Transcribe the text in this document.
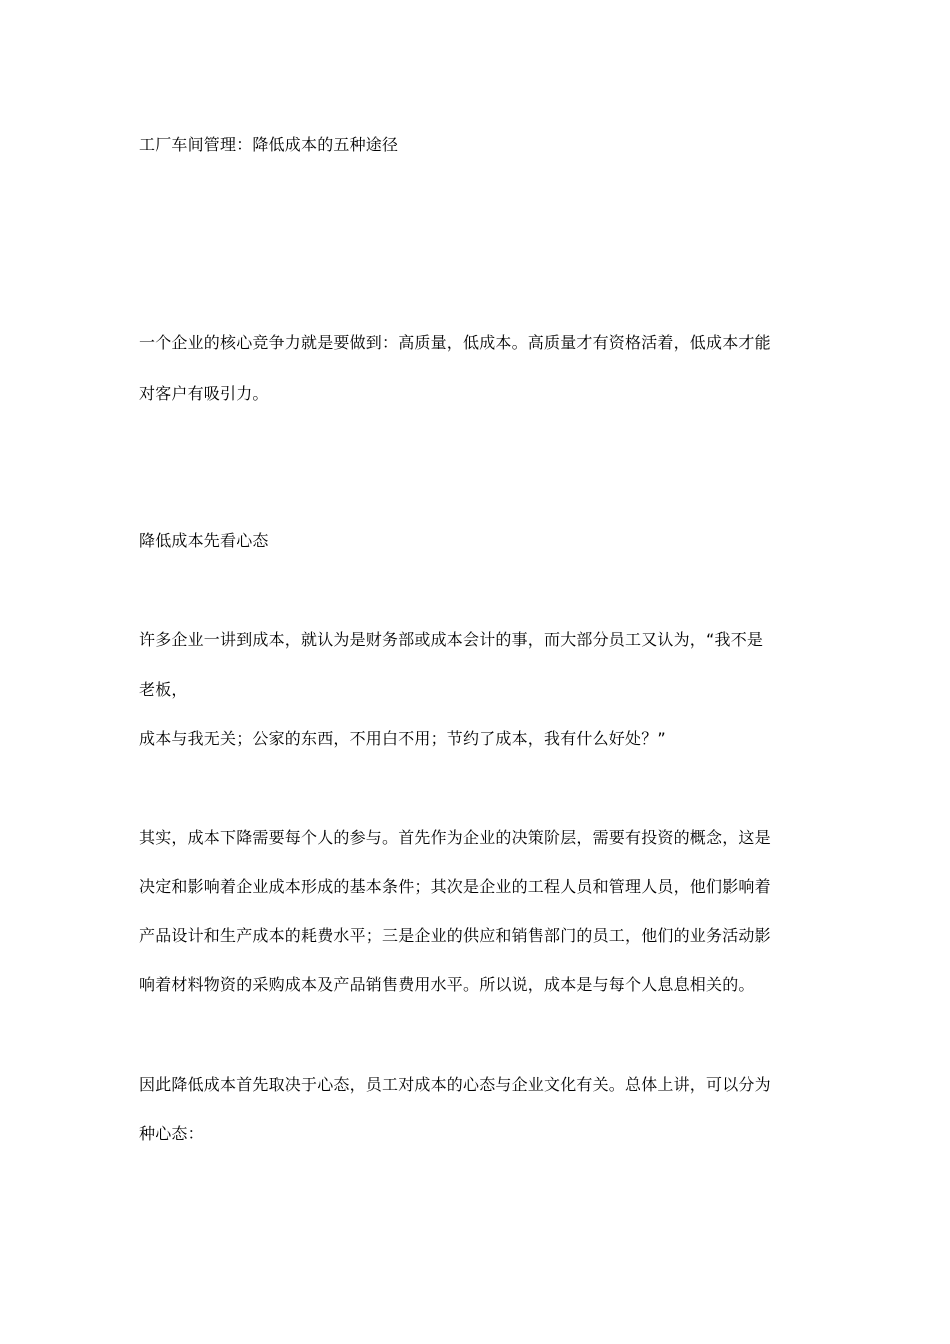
工厂车间管理：降低成本的五种途径
一个企业的核心竞争力就是要做到：高质量，低成本。高质量才有资格活着，低成本才能
对客户有吸引力。
降低成本先看心态
许多企业一讲到成本，就认为是财务部或成本会计的事，而大部分员工又认为，“我不是
老板，
成本与我无关；公家的东西，不用白不用；节约了成本，我有什么好处？”
其实，成本下降需要每个人的参与。首先作为企业的决策阶层，需要有投资的概念，这是
决定和影响着企业成本形成的基本条件；其次是企业的工程人员和管理人员，他们影响着
产品设计和生产成本的耗费水平；三是企业的供应和销售部门的员工，他们的业务活动影
响着材料物资的采购成本及产品销售费用水平。所以说，成本是与每个人息息相关的。
因此降低成本首先取决于心态，员工对成本的心态与企业文化有关。总体上讲，可以分为
种心态：
